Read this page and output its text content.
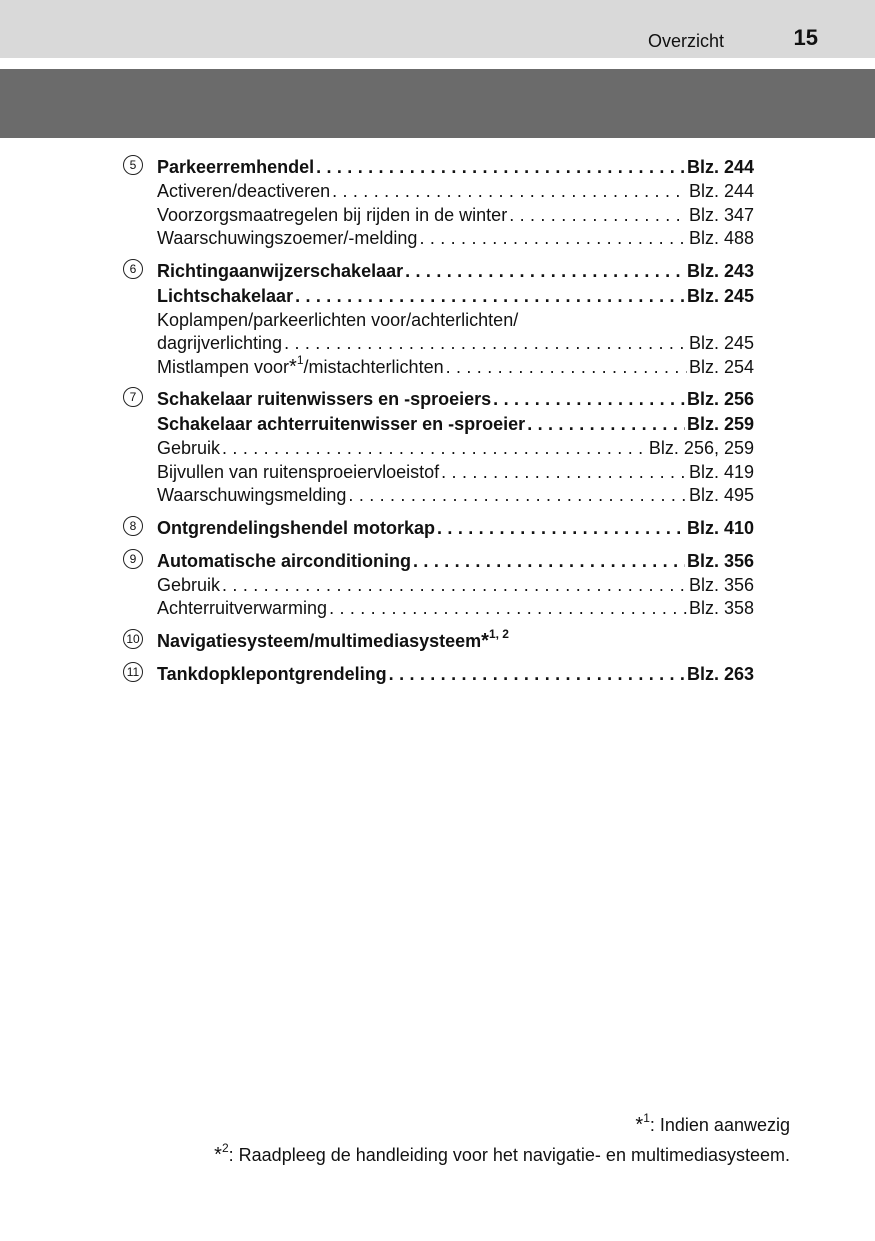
Overzicht	15
5	Parkeerremhendel . . .	Blz. 244
Activeren/deactiveren . . .	Blz. 244
Voorzorgsmaatregelen bij rijden in de winter . . .	Blz. 347
Waarschuwingszoemer/-melding . . .	Blz. 488
6	Richtingaanwijzerschakelaar . . .	Blz. 243
Lichtschakelaar . . .	Blz. 245
Koplampen/parkeerlichten voor/achterlichten/
dagrijverlichting . . .	Blz. 245
Mistlampen voor*$^1$/mistachterlichten . . .	Blz. 254
7	Schakelaar ruitenwissers en -sproeiers . . .	Blz. 256
Schakelaar achterruitenwisser en -sproeier . . .	Blz. 259
Gebruik . . .	Blz. 256, 259
Bijvullen van ruitensproeiervloeistof . . .	Blz. 419
Waarschuwingsmelding . . .	Blz. 495
8	Ontgrendelingshendel motorkap . . .	Blz. 410
9	Automatische airconditioning . . .	Blz. 356
Gebruik . . .	Blz. 356
Achterruitverwarming . . .	Blz. 358
10 Navigatiesysteem/multimediasysteem*$^{1, 2}$
11 Tankdopklepontgrendeling . . .	Blz. 263
*$^1$: Indien aanwezig
*$^2$: Raadpleeg de handleiding voor het navigatie- en multimediasysteem.
